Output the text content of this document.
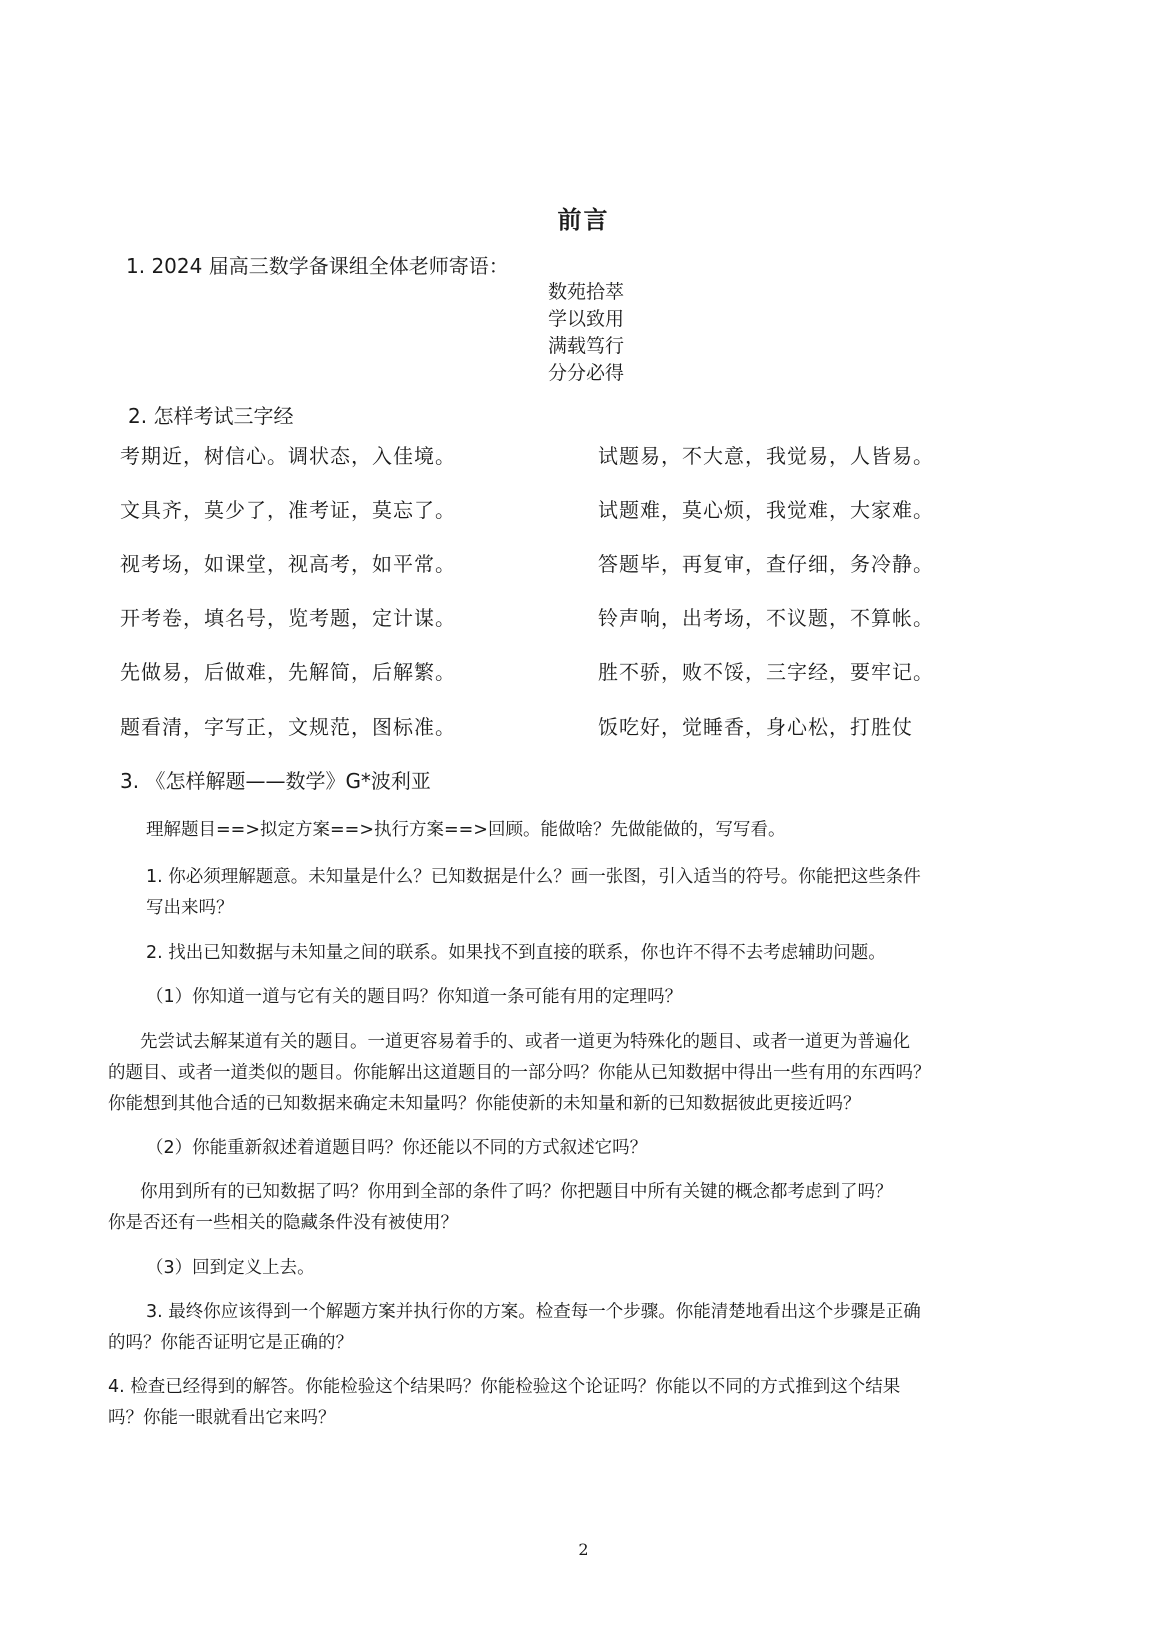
前言
1. 2024 届高三数学备课组全体老师寄语：
数苑拾萃
学以致用
满载笃行
分分必得
2. 怎样考试三字经
考期近，树信心。调状态，入佳境。
文具齐，莫少了，准考证，莫忘了。
视考场，如课堂，视高考，如平常。
开考卷，填名号，览考题，定计谋。
先做易，后做难，先解简，后解繁。
题看清，字写正，文规范，图标准。
试题易，不大意，我觉易，人皆易。
试题难，莫心烦，我觉难，大家难。
答题毕，再复审，查仔细，务冷静。
铃声响，出考场，不议题，不算帐。
胜不骄，败不馁，三字经，要牢记。
饭吃好，觉睡香，身心松，打胜仗
3. 《怎样解题——数学》G*波利亚
理解题目==>拟定方案==>执行方案==>回顾。能做啥？先做能做的，写写看。
1. 你必须理解题意。未知量是什么？已知数据是什么？画一张图，引入适当的符号。你能把这些条件
写出来吗？
2. 找出已知数据与未知量之间的联系。如果找不到直接的联系，你也许不得不去考虑辅助问题。
（1）你知道一道与它有关的题目吗？你知道一条可能有用的定理吗？
先尝试去解某道有关的题目。一道更容易着手的、或者一道更为特殊化的题目、或者一道更为普遍化
的题目、或者一道类似的题目。你能解出这道题目的一部分吗？你能从已知数据中得出一些有用的东西吗？
你能想到其他合适的已知数据来确定未知量吗？你能使新的未知量和新的已知数据彼此更接近吗？
（2）你能重新叙述着道题目吗？你还能以不同的方式叙述它吗？
你用到所有的已知数据了吗？你用到全部的条件了吗？你把题目中所有关键的概念都考虑到了吗？
你是否还有一些相关的隐藏条件没有被使用？
（3）回到定义上去。
3. 最终你应该得到一个解题方案并执行你的方案。检查每一个步骤。你能清楚地看出这个步骤是正确
的吗？你能否证明它是正确的？
4. 检查已经得到的解答。你能检验这个结果吗？你能检验这个论证吗？你能以不同的方式推到这个结果
吗？你能一眼就看出它来吗？
2
